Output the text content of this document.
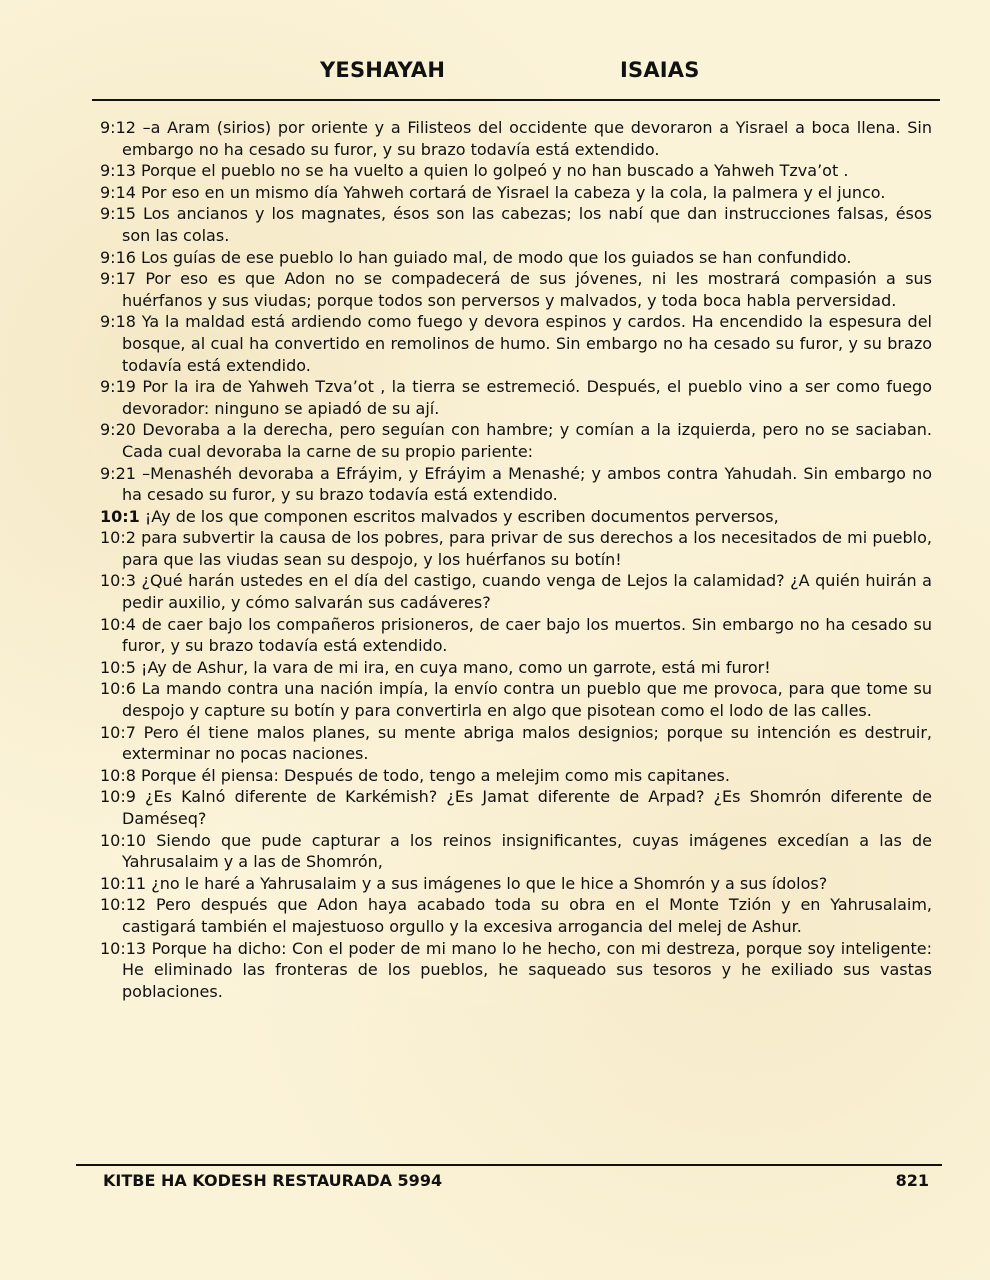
YESHAYAH	ISAIAS

9:12 –a Aram (sirios) por oriente y a Filisteos del occidente que devoraron a Yisrael a boca llena. Sin embargo no ha cesado su furor, y su brazo todavía está extendido.

9:13 Porque el pueblo no se ha vuelto a quien lo golpeó y no han buscado a Yahweh Tzva’ot .

9:14 Por eso en un mismo día Yahweh cortará de Yisrael la cabeza y la cola, la palmera y el junco.

9:15 Los ancianos y los magnates, ésos son las cabezas; los nabí que dan instrucciones falsas, ésos son las colas.

9:16 Los guías de ese pueblo lo han guiado mal, de modo que los guiados se han confundido.

9:17 Por eso es que Adon no se compadecerá de sus jóvenes, ni les mostrará compasión a sus huérfanos y sus viudas; porque todos son perversos y malvados, y toda boca habla perversidad.

9:18 Ya la maldad está ardiendo como fuego y devora espinos y cardos. Ha encendido la espesura del bosque, al cual ha convertido en remolinos de humo. Sin embargo no ha cesado su furor, y su brazo todavía está extendido.

9:19 Por la ira de Yahweh Tzva’ot , la tierra se estremeció. Después, el pueblo vino a ser como fuego devorador: ninguno se apiadó de su ají.

9:20 Devoraba a la derecha, pero seguían con hambre; y comían a la izquierda, pero no se saciaban. Cada cual devoraba la carne de su propio pariente:

9:21 –Menashéh devoraba a Efráyim, y Efráyim a Menashé; y ambos contra Yahudah. Sin embargo no ha cesado su furor, y su brazo todavía está extendido.

10:1 ¡Ay de los que componen escritos malvados y escriben documentos perversos,

10:2 para subvertir la causa de los pobres, para privar de sus derechos a los necesitados de mi pueblo, para que las viudas sean su despojo, y los huérfanos su botín!

10:3 ¿Qué harán ustedes en el día del castigo, cuando venga de Lejos la calamidad? ¿A quién huirán a pedir auxilio, y cómo salvarán sus cadáveres?

10:4 de caer bajo los compañeros prisioneros, de caer bajo los muertos. Sin embargo no ha cesado su furor, y su brazo todavía está extendido.

10:5 ¡Ay de Ashur, la vara de mi ira, en cuya mano, como un garrote, está mi furor!

10:6 La mando contra una nación impía, la envío contra un pueblo que me provoca, para que tome su despojo y capture su botín y para convertirla en algo que pisotean como el lodo de las calles.

10:7 Pero él tiene malos planes, su mente abriga malos designios; porque su intención es destruir, exterminar no pocas naciones.

10:8 Porque él piensa: Después de todo, tengo a melejim como mis capitanes.

10:9 ¿Es Kalnó diferente de Karkémish? ¿Es Jamat diferente de Arpad? ¿Es Shomrón diferente de Daméseq?

10:10 Siendo que pude capturar a los reinos insignificantes, cuyas imágenes excedían a las de Yahrusalaim y a las de Shomrón,

10:11 ¿no le haré a Yahrusalaim y a sus imágenes lo que le hice a Shomrón y a sus ídolos?

10:12 Pero después que Adon haya acabado toda su obra en el Monte Tzión y en Yahrusalaim, castigará también el majestuoso orgullo y la excesiva arrogancia del melej de Ashur.

10:13 Porque ha dicho: Con el poder de mi mano lo he hecho, con mi destreza, porque soy inteligente: He eliminado las fronteras de los pueblos, he saqueado sus tesoros y he exiliado sus vastas poblaciones.

KITBE HA KODESH RESTAURADA 5994	821
